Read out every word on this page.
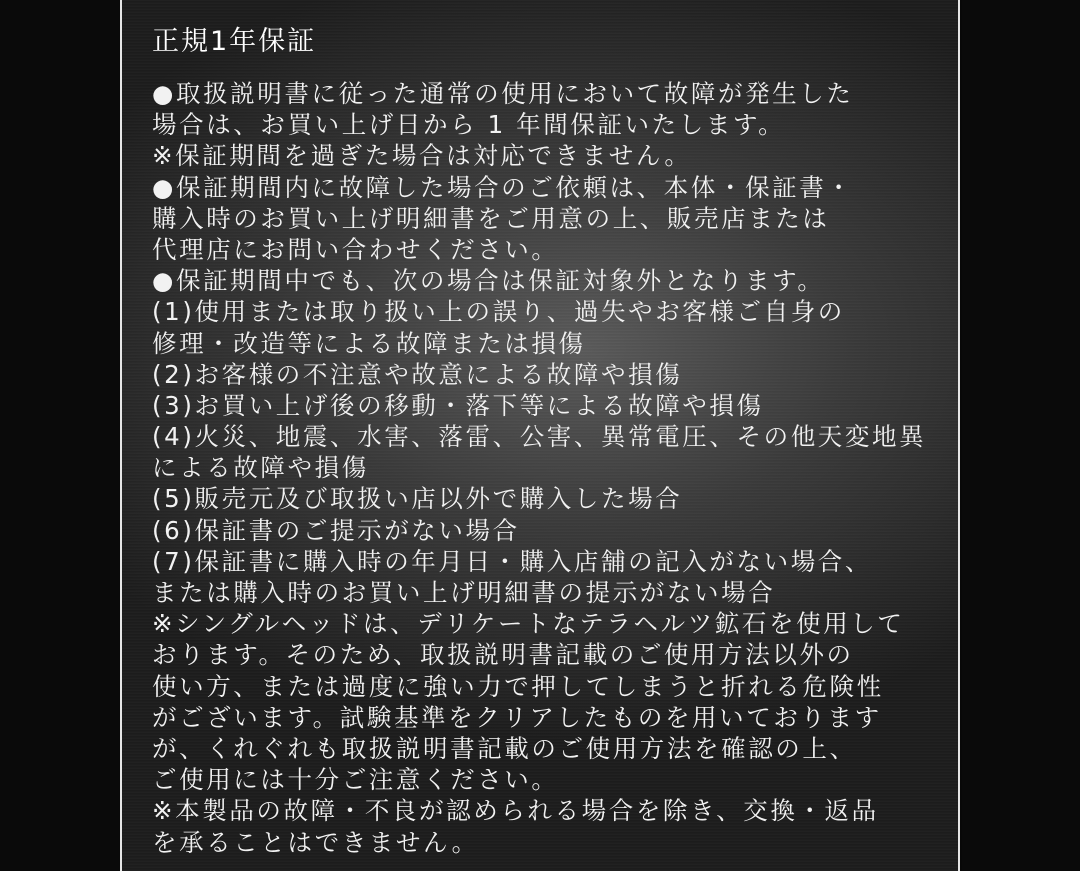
正規1年保証
●取扱説明書に従った通常の使用において故障が発生した
場合は、お買い上げ日から 1 年間保証いたします。
※保証期間を過ぎた場合は対応できません。
●保証期間内に故障した場合のご依頼は、本体・保証書・
購入時のお買い上げ明細書をご用意の上、販売店または
代理店にお問い合わせください。
●保証期間中でも、次の場合は保証対象外となります。
(1)使用または取り扱い上の誤り、過失やお客様ご自身の
修理・改造等による故障または損傷
(2)お客様の不注意や故意による故障や損傷
(3)お買い上げ後の移動・落下等による故障や損傷
(4)火災、地震、水害、落雷、公害、異常電圧、その他天変地異
による故障や損傷
(5)販売元及び取扱い店以外で購入した場合
(6)保証書のご提示がない場合
(7)保証書に購入時の年月日・購入店舗の記入がない場合、
または購入時のお買い上げ明細書の提示がない場合
※シングルヘッドは、デリケートなテラヘルツ鉱石を使用して
おります。そのため、取扱説明書記載のご使用方法以外の
使い方、または過度に強い力で押してしまうと折れる危険性
がございます。試験基準をクリアしたものを用いております
が、くれぐれも取扱説明書記載のご使用方法を確認の上、
ご使用には十分ご注意ください。
※本製品の故障・不良が認められる場合を除き、交換・返品
を承ることはできません。
